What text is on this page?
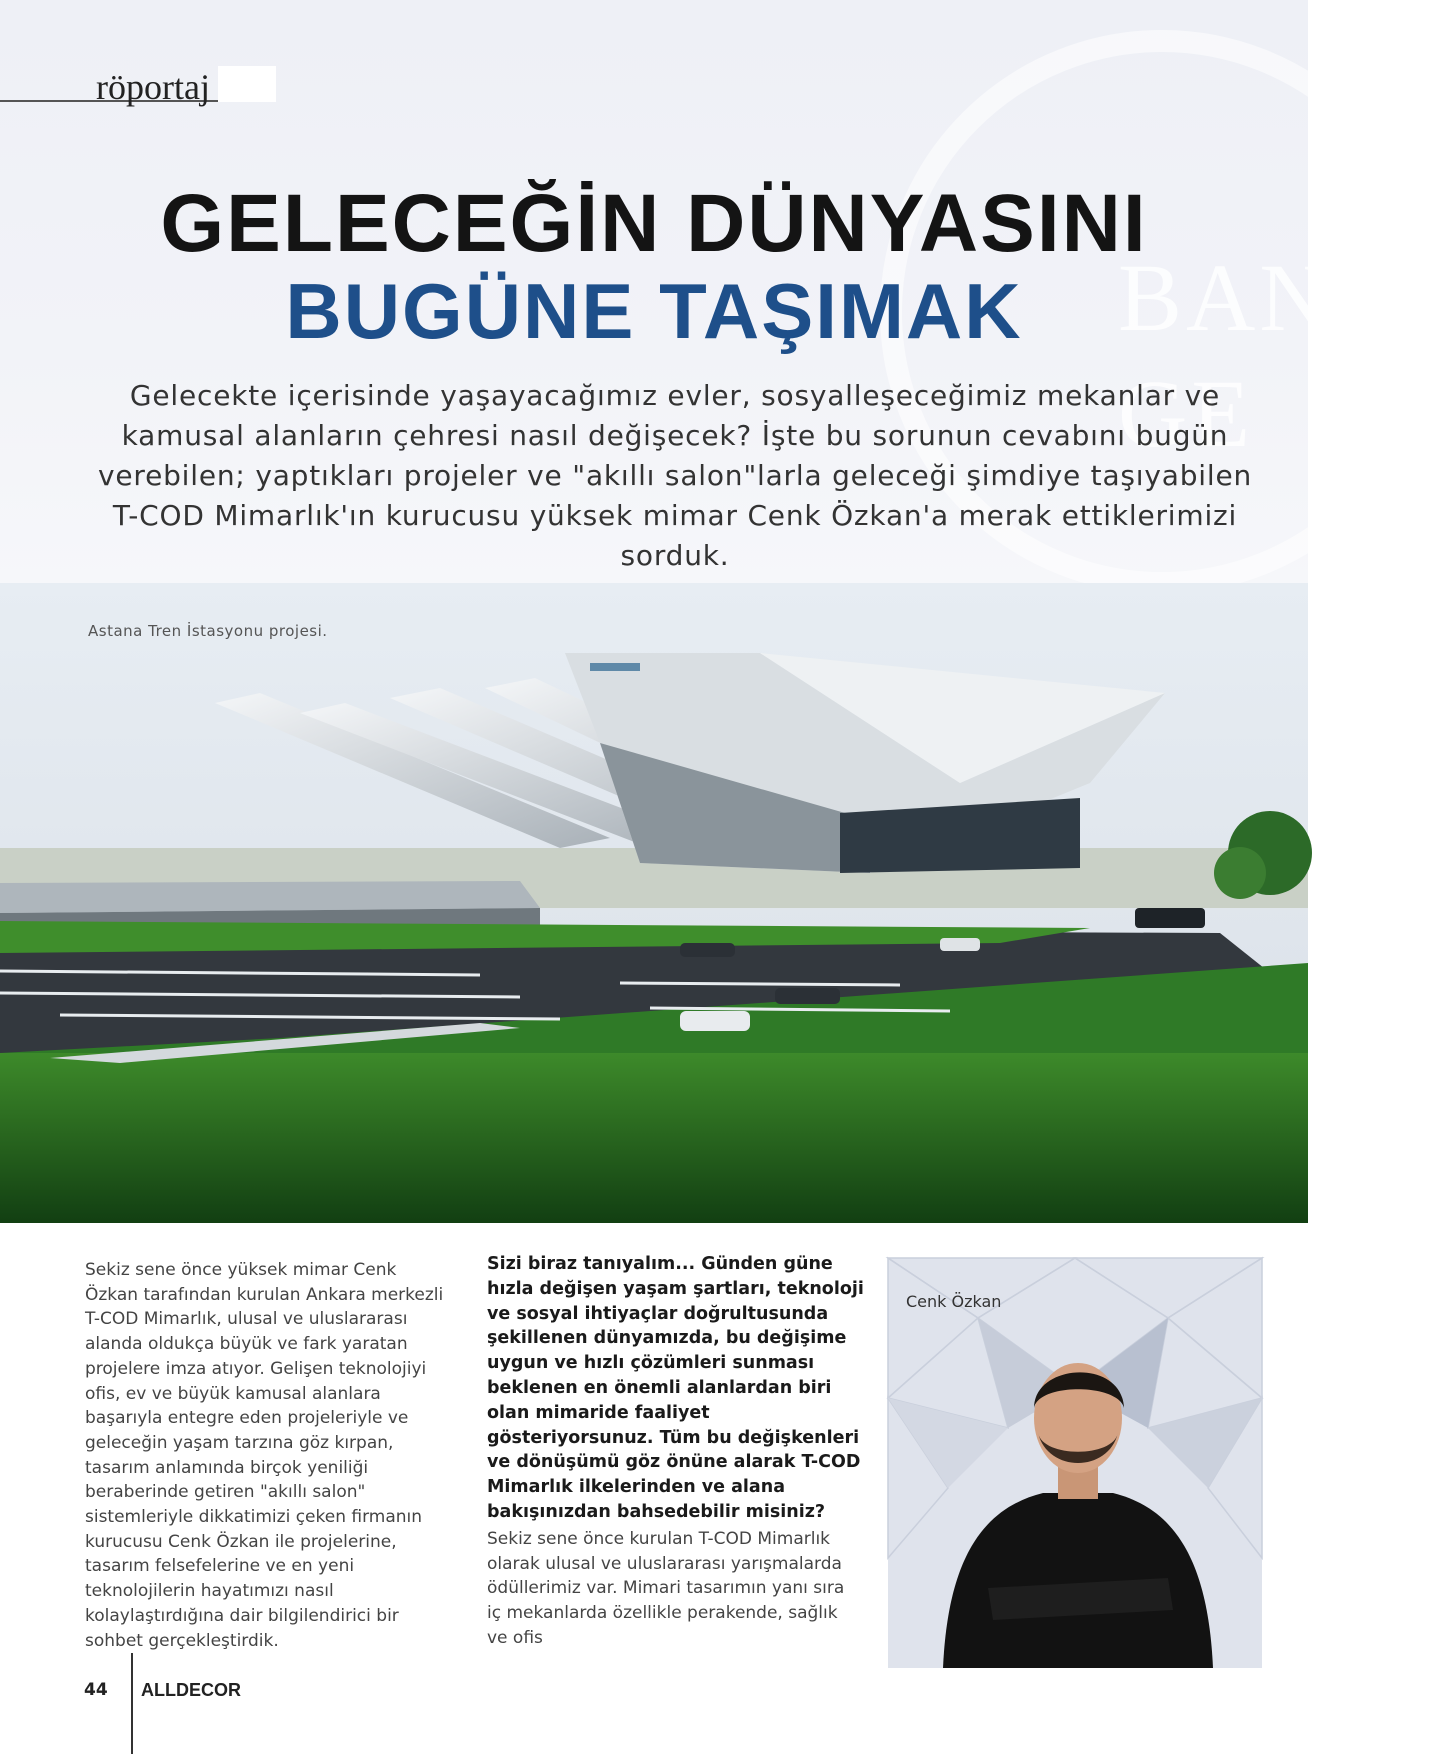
BANY
GE

röportaj

GELECEĞİN DÜNYASINI
BUGÜNE TAŞIMAK

Gelecekte içerisinde yaşayacağımız evler, sosyalleşeceğimiz mekanlar ve kamusal alanların çehresi nasıl değişecek? İşte bu sorunun cevabını bugün verebilen; yaptıkları projeler ve "akıllı salon"larla geleceği şimdiye taşıyabilen T-COD Mimarlık'ın kurucusu yüksek mimar Cenk Özkan'a merak ettiklerimizi sorduk.

Astana Tren İstasyonu projesi.

Sekiz sene önce yüksek mimar Cenk Özkan tarafından kurulan Ankara merkezli T-COD Mimarlık, ulusal ve uluslararası alanda oldukça büyük ve fark yaratan projelere imza atıyor. Gelişen teknolojiyi ofis, ev ve büyük kamusal alanlara başarıyla entegre eden projeleriyle ve geleceğin yaşam tarzına göz kırpan, tasarım anlamında birçok yeniliği beraberinde getiren "akıllı salon" sistemleriyle dikkatimizi çeken firmanın kurucusu Cenk Özkan ile projelerine, tasarım felsefelerine ve en yeni teknolojilerin hayatımızı nasıl kolaylaştırdığına dair bilgilendirici bir sohbet gerçekleştirdik.

Sizi biraz tanıyalım... Günden güne hızla değişen yaşam şartları, teknoloji ve sosyal ihtiyaçlar doğrultusunda şekillenen dünyamızda, bu değişime uygun ve hızlı çözümleri sunması beklenen en önemli alanlardan biri olan mimaride faaliyet gösteriyorsunuz. Tüm bu değişkenleri ve dönüşümü göz önüne alarak T-COD Mimarlık ilkelerinden ve alana bakışınızdan bahsedebilir misiniz?

Sekiz sene önce kurulan T-COD Mimarlık olarak ulusal ve uluslararası yarışmalarda ödüllerimiz var. Mimari tasarımın yanı sıra iç mekanlarda özellikle perakende, sağlık ve ofis

Cenk Özkan

44 ALLDECOR
